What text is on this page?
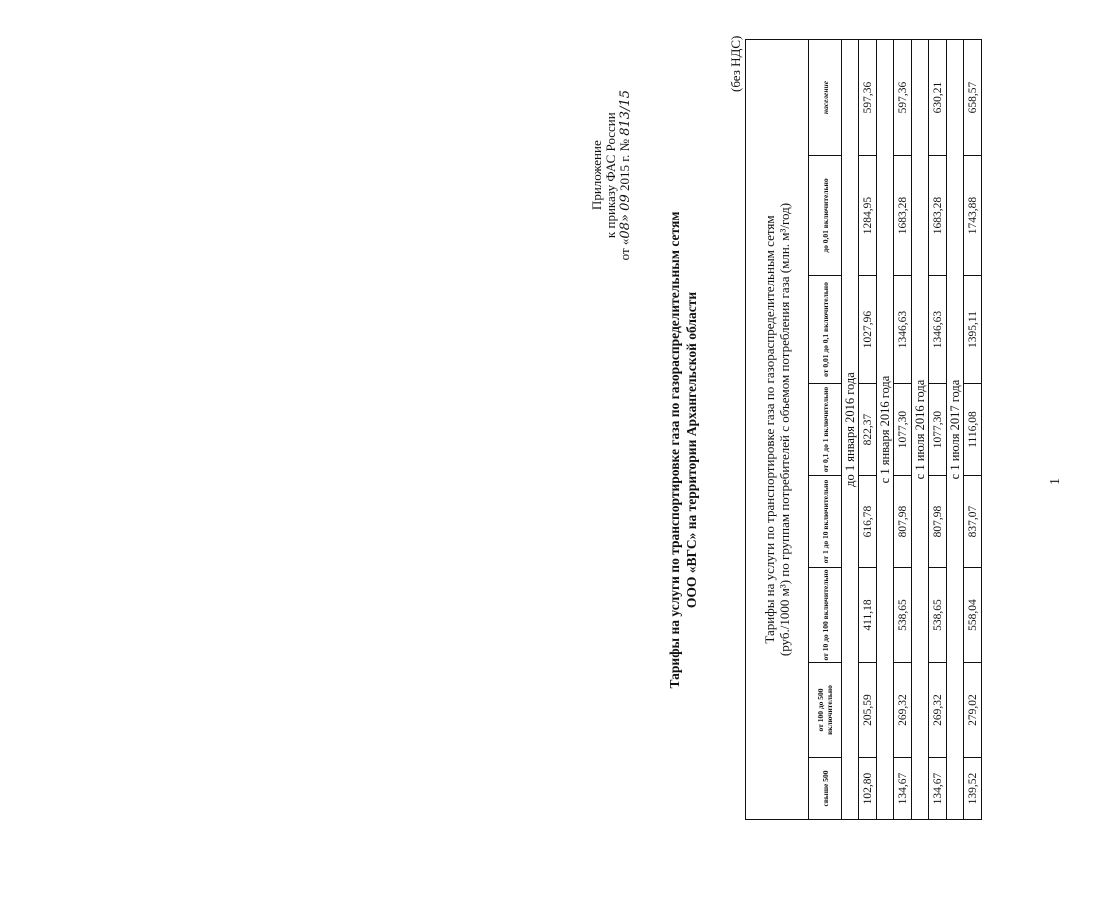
Приложение к приказу ФАС России
от «08» 09 2015 г. № 813/15
Тарифы на услуги по транспортировке газа по газораспределительным сетям ООО «ВГС» на территории Архангельской области
(без НДС)
Тарифы на услуги по транспортировке газа по газораспределительным сетям (руб./1000 м³) по группам потребителей с объемом потребления газа (млн. м³/год)							

свыше 500	от 100 до 500 включительно	от 10 до 100 включительно	от 1 до 10 включительно	от 0,1 до 1 включительно	от 0,01 до 0,1 включительно	до 0,01 включительно	население
до 1 января 2016 года							
102,80	205,59	411,18	616,78	822,37	1027,96	1284,95	597,36
с 1 января 2016 года							
134,67	269,32	538,65	807,98	1077,30	1346,63	1683,28	597,36
с 1 июля 2016 года							
134,67	269,32	538,65	807,98	1077,30	1346,63	1683,28	630,21
с 1 июля 2017 года							
139,52	279,02	558,04	837,07	1116,08	1395,11	1743,88	658,57
1
